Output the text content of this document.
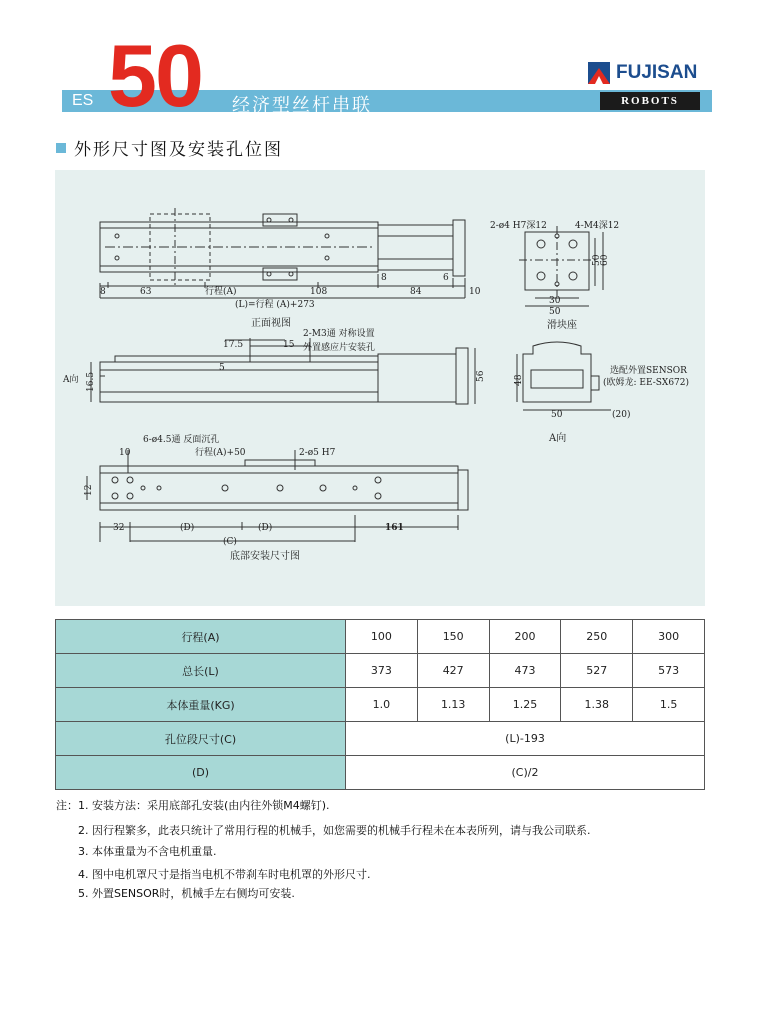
ES 50 经济型丝杆串联
FUJISAN
ROBOTS
外形尺寸图及安装孔位图
8	63	行程(A)	108
8
84
6
10
(L)=行程 (A)+273
正面视图
2-M3通 对称设置
外置感应片安装孔
17.5	15
5
16.5	56
A向
6-ø4.5通 反面沉孔
2-ø5 H7
10	行程(A)+50
12
32	(D)	(D)	161
(C)
底部安装尺寸图
2-ø4 H7深12	4-M4深12
30
50
50
60
滑块座
48
50	(20)
选配外置SENSOR
(欧姆龙: EE-SX672)
A向
行程(A)	100	150	200	250	300
总长(L)	373	427	473	527	573
本体重量(KG)	1.0	1.13	1.25	1.38	1.5
孔位段尺寸(C)	(L)-193				
(D)	(C)/2				
注：1. 安装方法：采用底部孔安装(由内往外锁M4螺钉).
2. 因行程繁多，此表只统计了常用行程的机械手，如您需要的机械手行程未在本表所列，请与我公司联系.
3. 本体重量为不含电机重量.
4. 图中电机罩尺寸是指当电机不带刹车时电机罩的外形尺寸.
5. 外置SENSOR时，机械手左右侧均可安装.
